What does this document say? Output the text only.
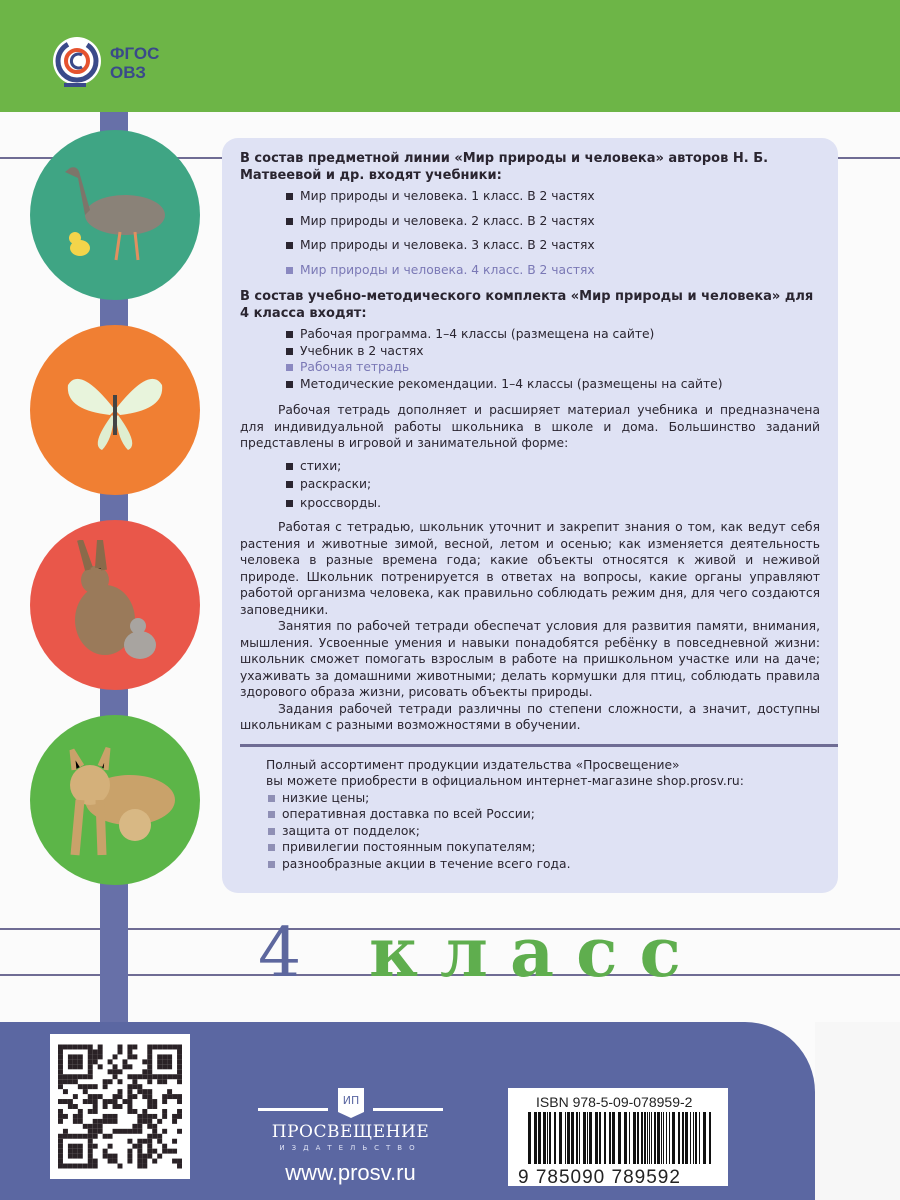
ФГОС
ОВЗ
В состав предметной линии «Мир природы и человека» авторов Н. Б. Матвеевой и др. входят учебники:
Мир природы и человека. 1 класс. В 2 частях
Мир природы и человека. 2 класс. В 2 частях
Мир природы и человека. 3 класс. В 2 частях
Мир природы и человека. 4 класс. В 2 частях
В состав учебно-методического комплекта «Мир природы и человека» для 4 класса входят:
Рабочая программа. 1–4 классы (размещена на сайте)
Учебник в 2 частях
Рабочая тетрадь
Методические рекомендации. 1–4 классы (размещены на сайте)

Рабочая тетрадь дополняет и расширяет материал учебника и предназначена для индивидуальной работы школьника в школе и дома. Большинство заданий представлены в игровой и занимательной форме:

стихи;
раскраски;
кроссворды.

Работая с тетрадью, школьник уточнит и закрепит знания о том, как ведут себя растения и животные зимой, весной, летом и осенью; как изменяется деятельность человека в разные времена года; какие объекты относятся к живой и неживой природе. Школьник потренируется в ответах на вопросы, какие органы управляют работой организма человека, как правильно соблюдать режим дня, для чего создаются заповедники.

Занятия по рабочей тетради обеспечат условия для развития памяти, внимания, мышления. Усвоенные умения и навыки понадобятся ребёнку в повседневной жизни: школьник сможет помогать взрослым в работе на пришкольном участке или на даче; ухаживать за домашними животными; делать кормушки для птиц, соблюдать правила здорового образа жизни, рисовать объекты природы.

Задания рабочей тетради различны по степени сложности, а значит, доступны школьникам с разными возможностями в обучении.

Полный ассортимент продукции издательства «Просвещение»
вы можете приобрести в официальном интернет-магазине shop.prosv.ru:
низкие цены;
оперативная доставка по всей России;
защита от подделок;
привилегии постоянным покупателям;
разнообразные акции в течение всего года.
4 класс
ИП
ПРОСВЕЩЕНИЕ
ИЗДАТЕЛЬСТВО
www.prosv.ru
ISBN 978-5-09-078959-2
9 785090 789592
